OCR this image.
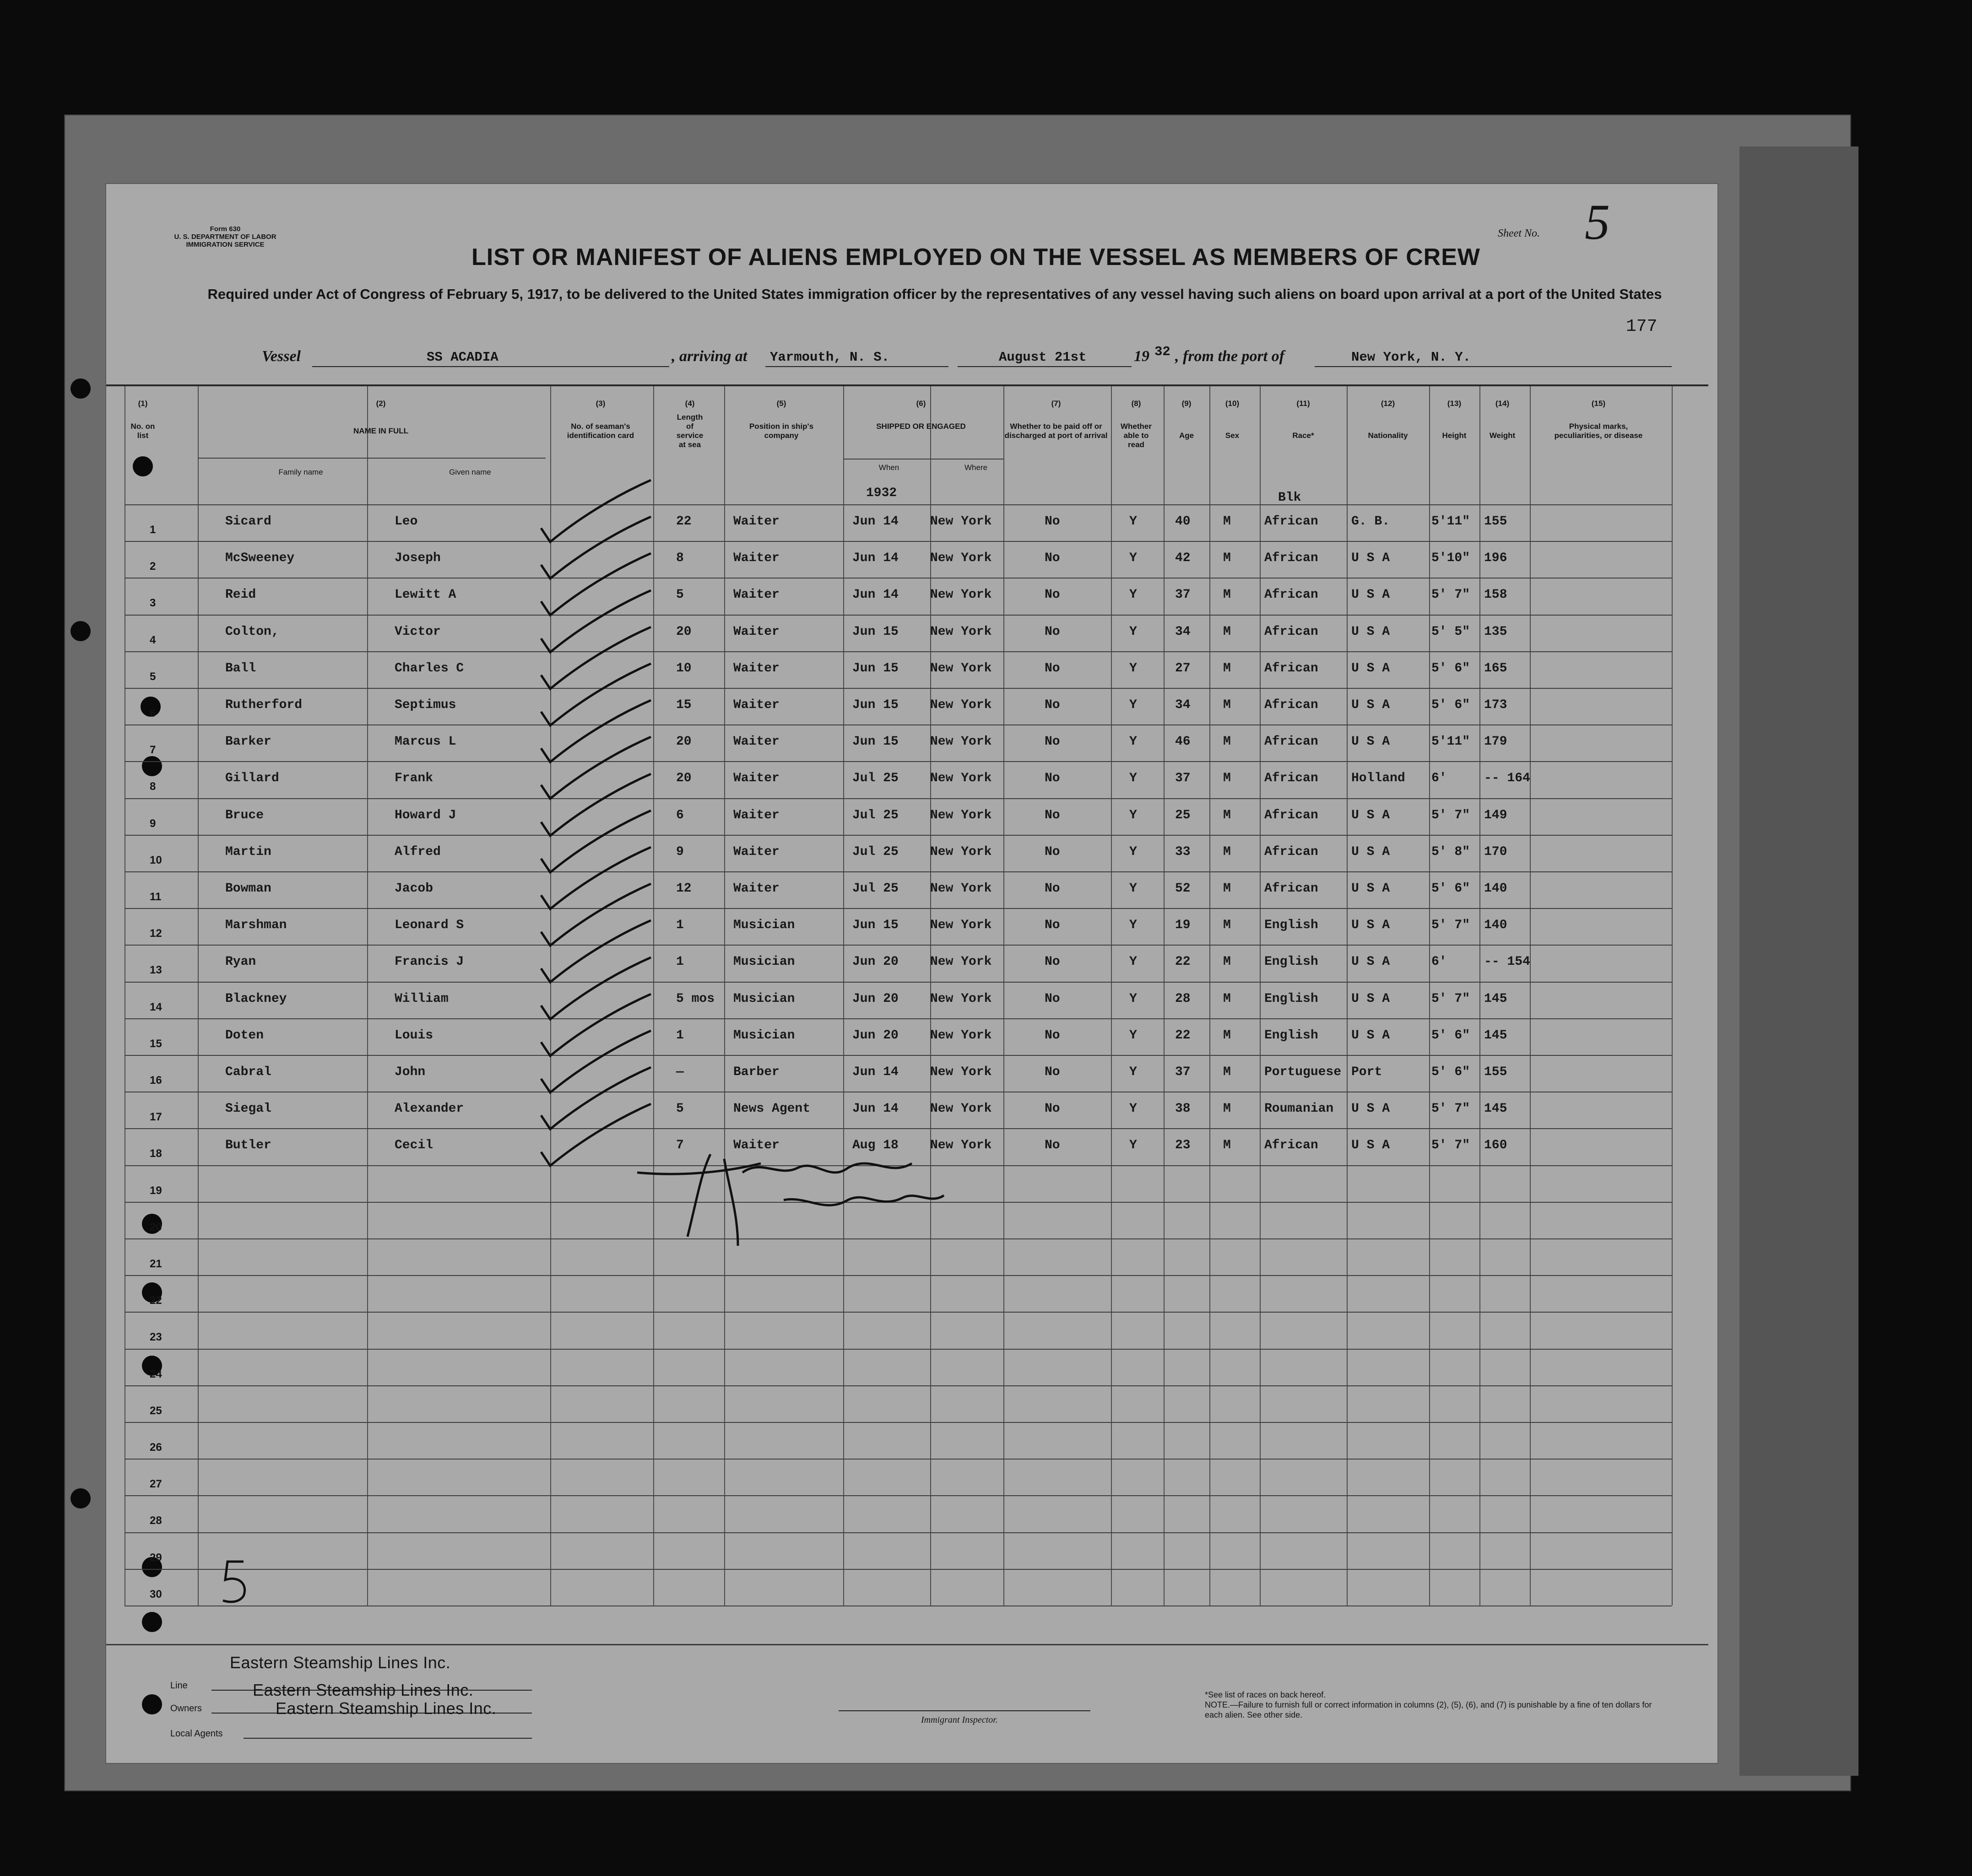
Form 630
U. S. DEPARTMENT OF LABOR
IMMIGRATION SERVICE
Sheet No. 5
LIST OR MANIFEST OF ALIENS EMPLOYED ON THE VESSEL AS MEMBERS OF CREW
Required under Act of Congress of February 5, 1917, to be delivered to the United States immigration officer by the representatives of any vessel having such aliens on board upon arrival at a port of the United States
177
Vessel	SS ACADIA	, arriving at Yarmouth, N. S.	August 21st	19 32 , from the port of	New York, N. Y.
(1)
No. on list
(2)
NAME IN FULL
Family name	Given name
(3)
No. of seaman's identification card
(4)
Length of service at sea
(5)
Position in ship's company
(6)
SHIPPED OR ENGAGED
When	Where
(7)
Whether to be paid off or discharged at port of arrival
(8)
Whether able to read
(9)
Age
(10)
Sex
(11)
Race*
(12)
Nationality
(13)
Height
(14)
Weight
(15)
Physical marks, peculiarities, or disease
1932	Blk
1
Sicard	Leo	22	Waiter	Jun 14 New York	No	Y	40	M	African	G. B.	5'11" 155
2
McSweeney	Joseph	8	Waiter	Jun 14 New York	No	Y	42	M	African	U S A	5'10" 196
3
Reid	Lewitt A	5	Waiter	Jun 14 New York	No	Y	37	M	African	U S A	5' 7" 158
4
Colton,	Victor	20	Waiter	Jun 15 New York	No	Y	34	M	African	U S A	5' 5" 135
5
Ball	Charles C	10	Waiter	Jun 15 New York	No	Y	27	M	African	U S A	5' 6" 165
6
Rutherford	Septimus	15	Waiter	Jun 15 New York	No	Y	34	M	African	U S A	5' 6" 173
7
Barker	Marcus L	20	Waiter	Jun 15 New York	No	Y	46	M	African	U S A	5'11" 179
8
Gillard	Frank	20	Waiter	Jul 25 New York	No	Y	37	M	African	Holland 6'	-- 164
9
Bruce	Howard J	6	Waiter	Jul 25 New York	No	Y	25	M	African	U S A	5' 7" 149
10
Martin	Alfred	9	Waiter	Jul 25 New York	No	Y	33	M	African	U S A	5' 8" 170
11
Bowman	Jacob	12	Waiter	Jul 25 New York	No	Y	52	M	African	U S A	5' 6" 140
12
Marshman	Leonard S	1	Musician	Jun 15 New York	No	Y	19	M	English	U S A	5' 7" 140
13
Ryan	Francis J	1	Musician	Jun 20 New York	No	Y	22	M	English	U S A	6'	-- 154
14
Blackney	William	5 mos Musician	Jun 20 New York	No	Y	28	M	English	U S A	5' 7" 145
15
Doten	Louis	1	Musician	Jun 20 New York	No	Y	22	M	English	U S A	5' 6" 145
16
Cabral	John	—	Barber	Jun 14 New York	No	Y	37	M	Portuguese Port	5' 6" 155
17
Siegal	Alexander	5	News Agent	Jun 14 New York	No	Y	38	M	Roumanian U S A	5' 7" 145
18
Butler	Cecil	7	Waiter	Aug 18 New York	No	Y	23	M	African	U S A	5' 7" 160
19
20
21
22
23
24
25
26
27
28
29
30
Eastern Steamship Lines Inc.
Line	Eastern Steamship Lines Inc.
Owners	Eastern Steamship Lines Inc.
Local Agents
Immigrant Inspector.
*See list of races on back hereof.
NOTE.—Failure to furnish full or correct information in columns (2), (5), (6), and (7) is punishable by a fine of ten dollars for each alien. See other side.
